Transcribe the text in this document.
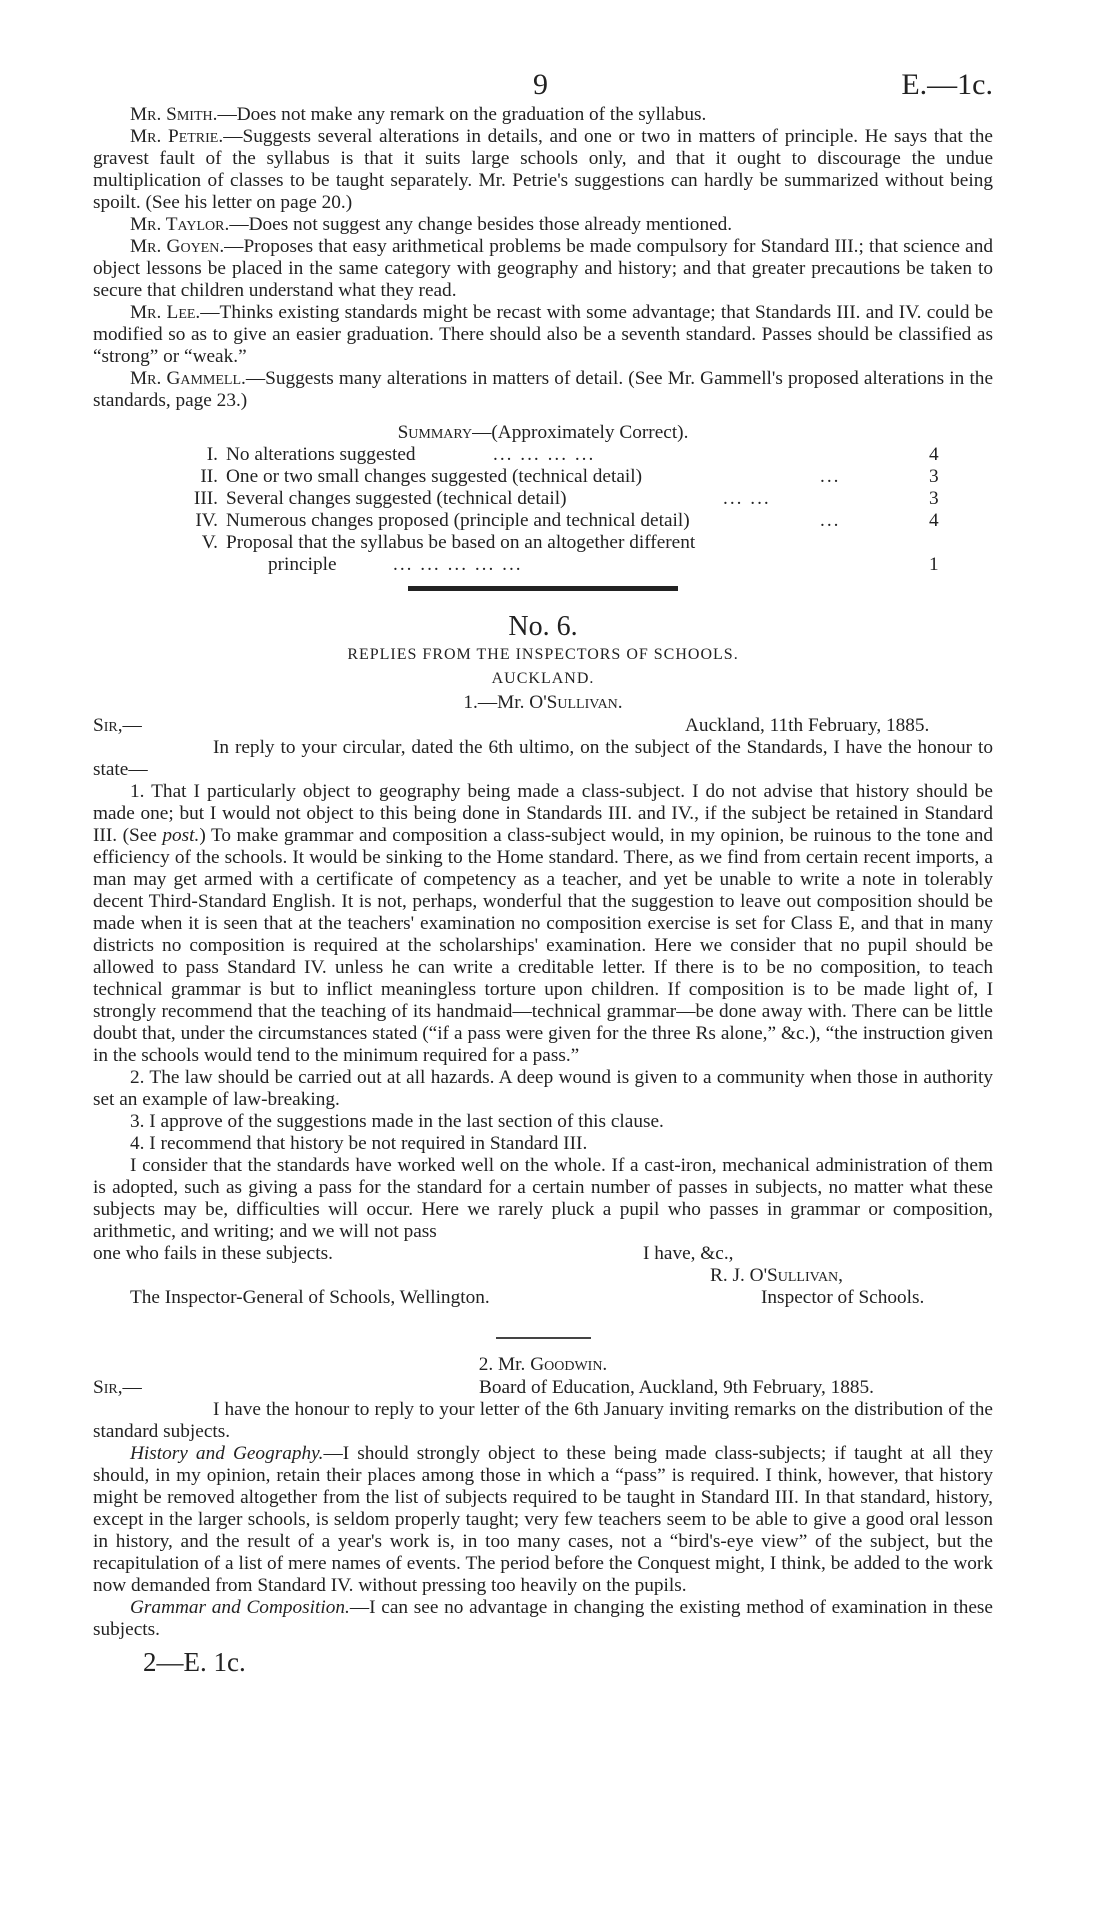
9	E.—1c.

Mr. Smith.—Does not make any remark on the graduation of the syllabus.

Mr. Petrie.—Suggests several alterations in details, and one or two in matters of principle. He says that the gravest fault of the syllabus is that it suits large schools only, and that it ought to discourage the undue multiplication of classes to be taught separately. Mr. Petrie's suggestions can hardly be summarized without being spoilt. (See his letter on page 20.)

Mr. Taylor.—Does not suggest any change besides those already mentioned.

Mr. Goyen.—Proposes that easy arithmetical problems be made compulsory for Standard III.; that science and object lessons be placed in the same category with geography and history; and that greater precautions be taken to secure that children understand what they read.

Mr. Lee.—Thinks existing standards might be recast with some advantage; that Standards III. and IV. could be modified so as to give an easier graduation. There should also be a seventh standard. Passes should be classified as “strong” or “weak.”

Mr. Gammell.—Suggests many alterations in matters of detail. (See Mr. Gammell's proposed alterations in the standards, page 23.)

Summary—(Approximately Correct).
I. No alterations suggested	... ... ... ...	4
II. One or two small changes suggested (technical detail)	...	3
III. Several changes suggested (technical detail)	... ...	3
IV. Numerous changes proposed (principle and technical detail)	...	4
V. Proposal that the syllabus be based on an altogether different
principle	... ... ... ... ...	1
No. 6.
REPLIES FROM THE INSPECTORS OF SCHOOLS.
AUCKLAND.
1.—Mr. O'Sullivan.
Sir,—	Auckland, 11th February, 1885.

In reply to your circular, dated the 6th ultimo, on the subject of the Standards, I have the honour to state—

1. That I particularly object to geography being made a class-subject. I do not advise that history should be made one; but I would not object to this being done in Standards III. and IV., if the subject be retained in Standard III. (See post.) To make grammar and composition a class-subject would, in my opinion, be ruinous to the tone and efficiency of the schools. It would be sinking to the Home standard. There, as we find from certain recent imports, a man may get armed with a certificate of competency as a teacher, and yet be unable to write a note in tolerably decent Third-Standard English. It is not, perhaps, wonderful that the suggestion to leave out composition should be made when it is seen that at the teachers' examination no composition exercise is set for Class E, and that in many districts no composition is required at the scholarships' examination. Here we consider that no pupil should be allowed to pass Standard IV. unless he can write a creditable letter. If there is to be no composition, to teach technical grammar is but to inflict meaningless torture upon children. If composition is to be made light of, I strongly recommend that the teaching of its handmaid—technical grammar—be done away with. There can be little doubt that, under the circumstances stated (“if a pass were given for the three Rs alone,” &c.), “the instruction given in the schools would tend to the minimum required for a pass.”

2. The law should be carried out at all hazards. A deep wound is given to a community when those in authority set an example of law-breaking.

3. I approve of the suggestions made in the last section of this clause.

4. I recommend that history be not required in Standard III.

I consider that the standards have worked well on the whole. If a cast-iron, mechanical administration of them is adopted, such as giving a pass for the standard for a certain number of passes in subjects, no matter what these subjects may be, difficulties will occur. Here we rarely pluck a pupil who passes in grammar or composition, arithmetic, and writing; and we will not pass

one who fails in these subjects.	I have, &c.,
R. J. O'Sullivan,
The Inspector-General of Schools, Wellington.	Inspector of Schools.
2. Mr. Goodwin.
Sir,—	Board of Education, Auckland, 9th February, 1885.

I have the honour to reply to your letter of the 6th January inviting remarks on the distribution of the standard subjects.

History and Geography.—I should strongly object to these being made class-subjects; if taught at all they should, in my opinion, retain their places among those in which a “pass” is required. I think, however, that history might be removed altogether from the list of subjects required to be taught in Standard III. In that standard, history, except in the larger schools, is seldom properly taught; very few teachers seem to be able to give a good oral lesson in history, and the result of a year's work is, in too many cases, not a “bird's-eye view” of the subject, but the recapitulation of a list of mere names of events. The period before the Conquest might, I think, be added to the work now demanded from Standard IV. without pressing too heavily on the pupils.

Grammar and Composition.—I can see no advantage in changing the existing method of examination in these subjects.

2—E. 1c.
